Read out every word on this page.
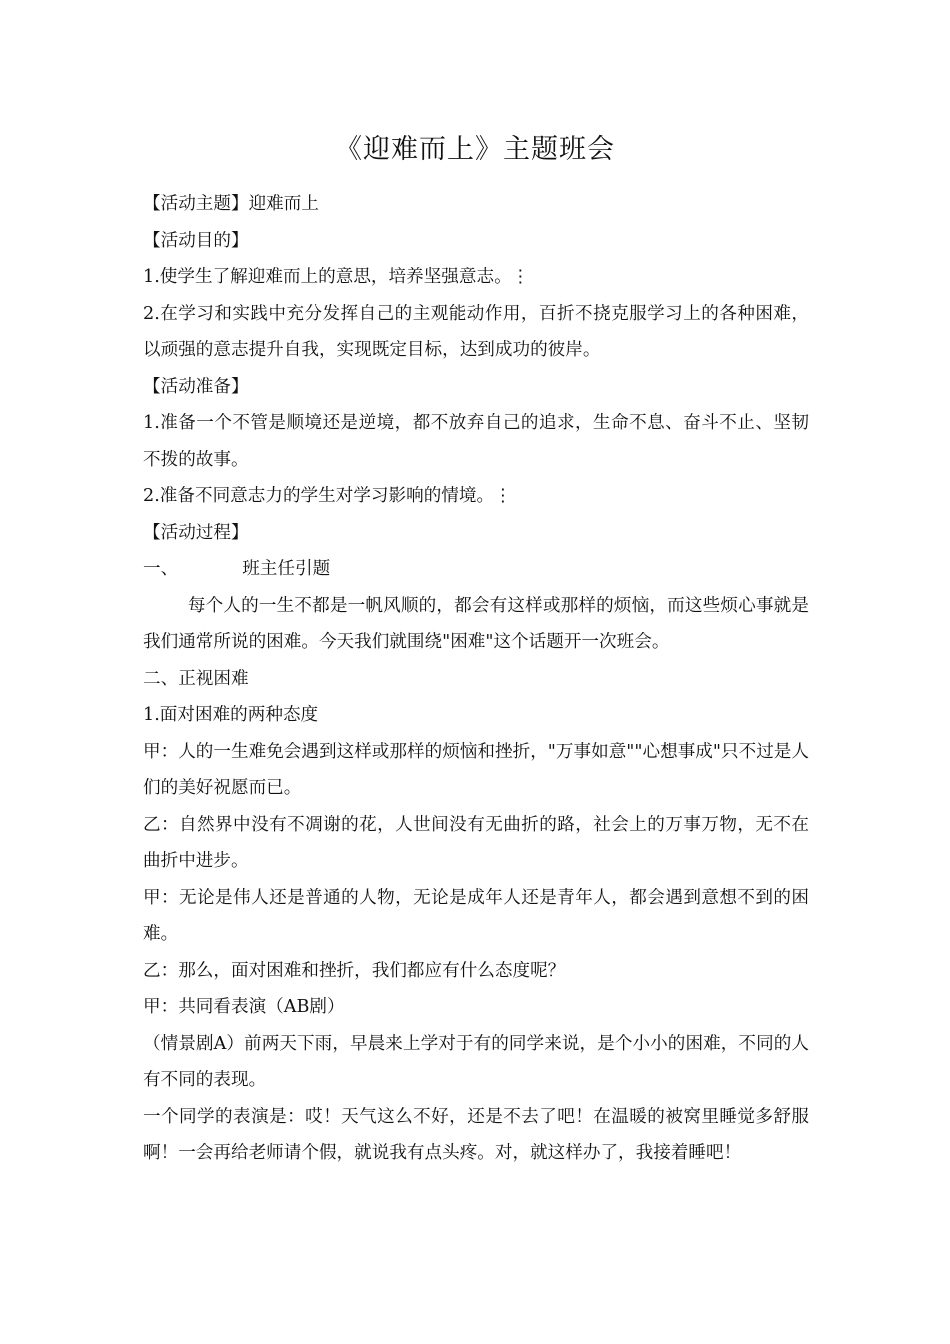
《迎难而上》主题班会

【活动主题】迎难而上

【活动目的】

1.使学生了解迎难而上的意思，培养坚强意志。⋮

2.在学习和实践中充分发挥自己的主观能动作用，百折不挠克服学习上的各种困难，以顽强的意志提升自我，实现既定目标，达到成功的彼岸。

【活动准备】

1.准备一个不管是顺境还是逆境，都不放弃自己的追求，生命不息、奋斗不止、坚韧不拨的故事。

2.准备不同意志力的学生对学习影响的情境。⋮

【活动过程】

一、	班主任引题

每个人的一生不都是一帆风顺的，都会有这样或那样的烦恼，而这些烦心事就是我们通常所说的困难。今天我们就围绕"困难"这个话题开一次班会。

二、正视困难

1.面对困难的两种态度

甲：人的一生难免会遇到这样或那样的烦恼和挫折，"万事如意""心想事成"只不过是人们的美好祝愿而已。

乙：自然界中没有不凋谢的花，人世间没有无曲折的路，社会上的万事万物，无不在曲折中进步。

甲：无论是伟人还是普通的人物，无论是成年人还是青年人，都会遇到意想不到的困难。

乙：那么，面对困难和挫折，我们都应有什么态度呢？

甲：共同看表演（AB剧）

（情景剧A）前两天下雨，早晨来上学对于有的同学来说，是个小小的困难，不同的人有不同的表现。

一个同学的表演是：哎！天气这么不好，还是不去了吧！在温暖的被窝里睡觉多舒服啊！一会再给老师请个假，就说我有点头疼。对，就这样办了，我接着睡吧！
